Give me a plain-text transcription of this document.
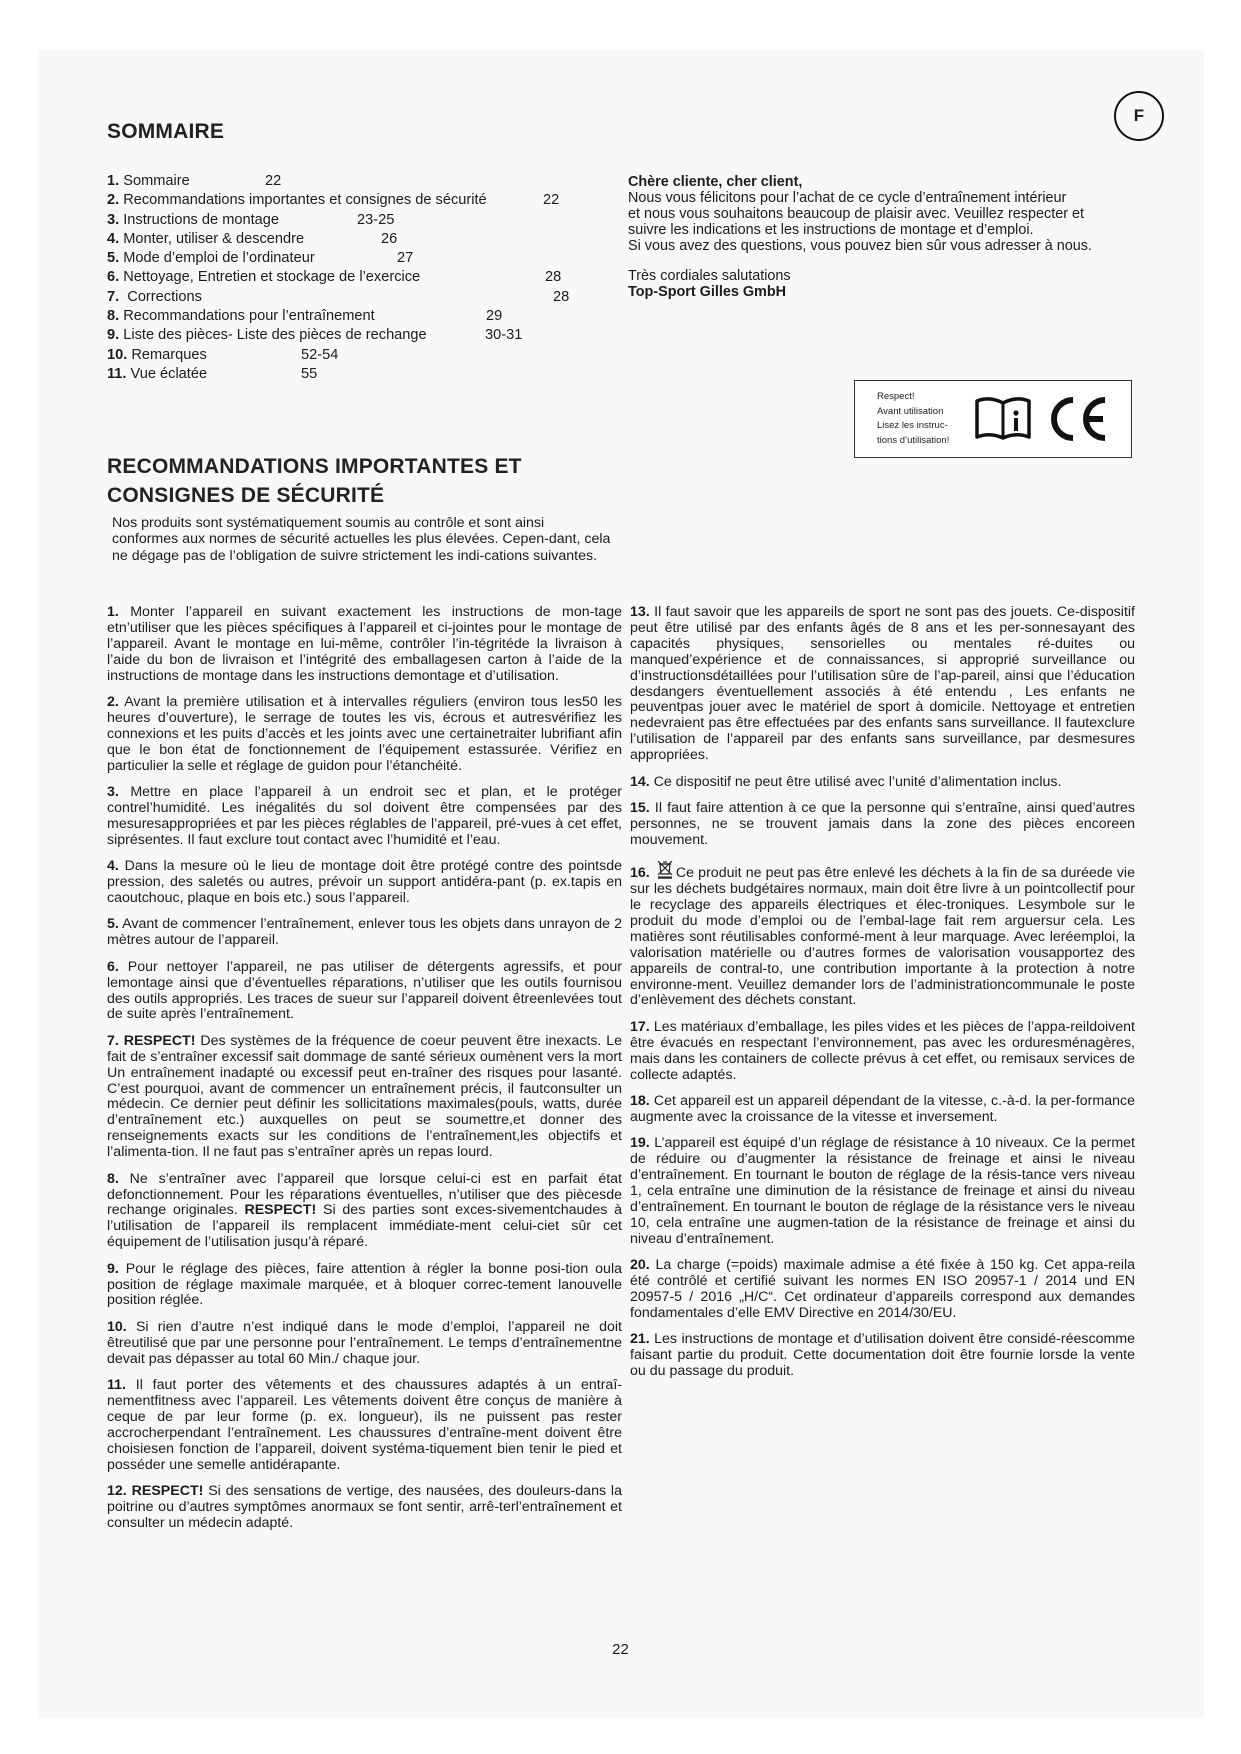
F
SOMMAIRE
1. Sommaire	22
2. Recommandations importantes et consignes de sécurité	22
3. Instructions de montage	23-25
4. Monter, utiliser & descendre	26
5. Mode d’emploi de l’ordinateur	27
6. Nettoyage, Entretien et stockage de l’exercice	28
7. Corrections	28
8. Recommandations pour l’entraînement	29
9. Liste des pièces- Liste des pièces de rechange	30-31
10. Remarques	52-54
11. Vue éclatée	55

Chère cliente, cher client,

Nous vous félicitons pour l’achat de ce cycle d’entraînement intérieur

et nous vous souhaitons beaucoup de plaisir avec. Veuillez respecter et

suivre les indications et les instructions de montage et d’emploi.

Si vous avez des questions, vous pouvez bien sûr vous adresser à nous.

Très cordiales salutations

Top-Sport Gilles GmbH

Respect!
Avant utilisation
Lisez les instruc-
tions d’utilisation!
RECOMMANDATIONS IMPORTANTES ET
CONSIGNES DE SÉCURITÉ

Nos produits sont systématiquement soumis au contrôle et sont ainsi conformes aux normes de sécurité actuelles les plus élevées. Cepen-dant, cela ne dégage pas de l’obligation de suivre strictement les indi-cations suivantes.

1. Monter l’appareil en suivant exactement les instructions de mon-tage etn’utiliser que les pièces spécifiques à l’appareil et ci-jointes pour le montage de l’appareil. Avant le montage en lui-même, contrôler l’in-tégritéde la livraison à l’aide du bon de livraison et l’intégrité des emballagesen carton à l’aide de la instructions de montage dans les instructions demontage et d’utilisation.

2. Avant la première utilisation et à intervalles réguliers (environ tous les50 les heures d’ouverture), le serrage de toutes les vis, écrous et autresvérifiez les connexions et les puits d’accès et les joints avec une certainetraiter lubrifiant afin que le bon état de fonctionnement de l’équipement estassurée. Vérifiez en particulier la selle et réglage de guidon pour l’étanchéité.

3. Mettre en place l’appareil à un endroit sec et plan, et le protéger contrel’humidité. Les inégalités du sol doivent être compensées par des mesuresappropriées et par les pièces réglables de l’appareil, pré-vues à cet effet, siprésentes. Il faut exclure tout contact avec l’humidité et l’eau.

4. Dans la mesure où le lieu de montage doit être protégé contre des pointsde pression, des saletés ou autres, prévoir un support antidéra-pant (p. ex.tapis en caoutchouc, plaque en bois etc.) sous l’appareil.

5. Avant de commencer l’entraînement, enlever tous les objets dans unrayon de 2 mètres autour de l’appareil.

6. Pour nettoyer l’appareil, ne pas utiliser de détergents agressifs, et pour lemontage ainsi que d’éventuelles réparations, n’utiliser que les outils fournisou des outils appropriés. Les traces de sueur sur l’appareil doivent êtreenlevées tout de suite après l’entraînement.

7. RESPECT! Des systèmes de la fréquence de coeur peuvent être inexacts. Le fait de s’entraîner excessif sait dommage de santé sérieux oumènent vers la mort Un entraînement inadapté ou excessif peut en-traîner des risques pour lasanté. C’est pourquoi, avant de commencer un entraînement précis, il fautconsulter un médecin. Ce dernier peut définir les sollicitations maximales(pouls, watts, durée d’entraînement etc.) auxquelles on peut se soumettre,et donner des renseignements exacts sur les conditions de l’entraînement,les objectifs et l’alimenta-tion. Il ne faut pas s’entraîner après un repas lourd.

8. Ne s’entraîner avec l’appareil que lorsque celui-ci est en parfait état defonctionnement. Pour les réparations éventuelles, n’utiliser que des piècesde rechange originales. RESPECT! Si des parties sont exces-sivementchaudes à l’utilisation de l’appareil ils remplacent immédiate-ment celui-ciet sûr cet équipement de l’utilisation jusqu’à réparé.

9. Pour le réglage des pièces, faire attention à régler la bonne posi-tion oula position de réglage maximale marquée, et à bloquer correc-tement lanouvelle position réglée.

10. Si rien d’autre n’est indiqué dans le mode d’emploi, l’appareil ne doit êtreutilisé que par une personne pour l’entraînement. Le temps d’entraînementne devait pas dépasser au total 60 Min./ chaque jour.

11. Il faut porter des vêtements et des chaussures adaptés à un entraî-nementfitness avec l’appareil. Les vêtements doivent être conçus de manière à ceque de par leur forme (p. ex. longueur), ils ne puissent pas rester accrocherpendant l’entraînement. Les chaussures d’entraîne-ment doivent être choisiesen fonction de l’appareil, doivent systéma-tiquement bien tenir le pied et posséder une semelle antidérapante.

12. RESPECT! Si des sensations de vertige, des nausées, des douleurs-dans la poitrine ou d’autres symptômes anormaux se font sentir, arrê-terl’entraînement et consulter un médecin adapté.

13. Il faut savoir que les appareils de sport ne sont pas des jouets. Ce-dispositif peut être utilisé par des enfants âgés de 8 ans et les per-sonnesayant des capacités physiques, sensorielles ou mentales ré-duites ou manqued’expérience et de connaissances, si approprié surveillance ou d’instructionsdétaillées pour l’utilisation sûre de l’ap-pareil, ainsi que l’éducation desdangers éventuellement associés à été entendu , Les enfants ne peuventpas jouer avec le matériel de sport à domicile. Nettoyage et entretien nedevraient pas être effectuées par des enfants sans surveillance. Il fautexclure l’utilisation de l’appareil par des enfants sans surveillance, par desmesures appropriées.

14. Ce dispositif ne peut être utilisé avec l’unité d’alimentation inclus.

15. Il faut faire attention à ce que la personne qui s’entraîne, ainsi qued’autres personnes, ne se trouvent jamais dans la zone des pièces encoreen mouvement.

16. Ce produit ne peut pas être enlevé les déchets à la fin de sa duréede vie sur les déchets budgétaires normaux, main doit être livre à un pointcollectif pour le recyclage des appareils électriques et élec-troniques. Lesymbole sur le produit du mode d’emploi ou de l’embal-lage fait rem arguersur cela. Les matières sont réutilisables conformé-ment à leur marquage. Avec leréemploi, la valorisation matérielle ou d’autres formes de valorisation vousapportez des appareils de contral-to, une contribution importante à la protection à notre environne-ment. Veuillez demander lors de l’administrationcommunale le poste d’enlèvement des déchets constant.

17. Les matériaux d’emballage, les piles vides et les pièces de l’appa-reildoivent être évacués en respectant l’environnement, pas avec les orduresménagères, mais dans les containers de collecte prévus à cet effet, ou remisaux services de collecte adaptés.

18. Cet appareil est un appareil dépendant de la vitesse, c.-à-d. la per-formance augmente avec la croissance de la vitesse et inversement.

19. L’appareil est équipé d’un réglage de résistance à 10 niveaux. Ce la permet de réduire ou d’augmenter la résistance de freinage et ainsi le niveau d’entraînement. En tournant le bouton de réglage de la résis-tance vers niveau 1, cela entraîne une diminution de la résistance de freinage et ainsi du niveau d’entraînement. En tournant le bouton de réglage de la résistance vers le niveau 10, cela entraîne une augmen-tation de la résistance de freinage et ainsi du niveau d’entraînement.

20. La charge (=poids) maximale admise a été fixée à 150 kg. Cet appa-reila été contrôlé et certifié suivant les normes EN ISO 20957-1 / 2014 und EN 20957-5 / 2016 „H/C“. Cet ordinateur d’appareils correspond aux demandes fondamentales d’elle EMV Directive en 2014/30/EU.

21. Les instructions de montage et d’utilisation doivent être considé-réescomme faisant partie du produit. Cette documentation doit être fournie lorsde la vente ou du passage du produit.

22
